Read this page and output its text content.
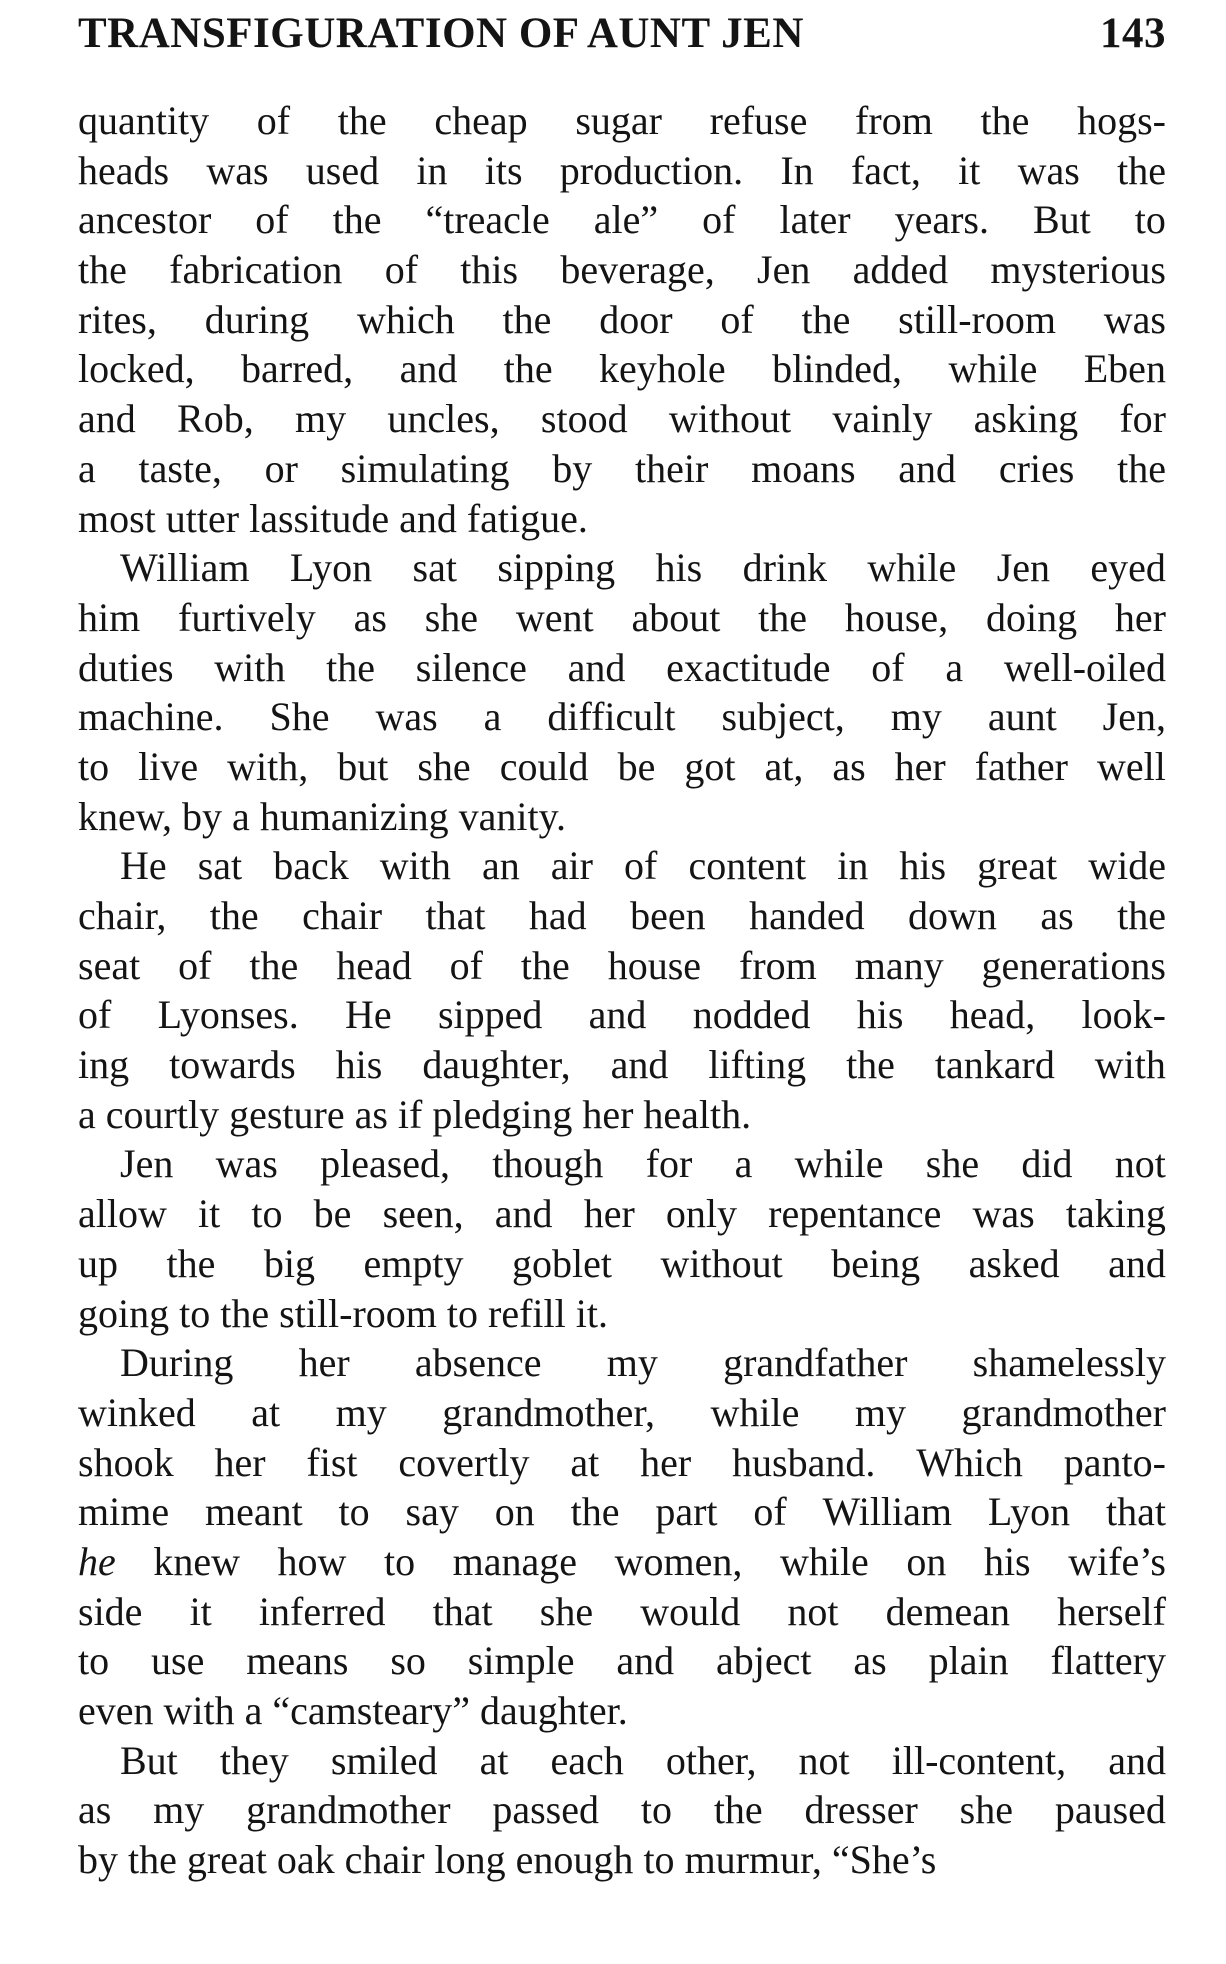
TRANSFIGURATION OF AUNT JEN	143
quantity of the cheap sugar refuse from the hogs-
heads was used in its production. In fact, it was the
ancestor of the “treacle ale” of later years. But to
the fabrication of this beverage, Jen added mysterious
rites, during which the door of the still-room was
locked, barred, and the keyhole blinded, while Eben
and Rob, my uncles, stood without vainly asking for
a taste, or simulating by their moans and cries the
most utter lassitude and fatigue.
William Lyon sat sipping his drink while Jen eyed
him furtively as she went about the house, doing her
duties with the silence and exactitude of a well-oiled
machine. She was a difficult subject, my aunt Jen,
to live with, but she could be got at, as her father well
knew, by a humanizing vanity.
He sat back with an air of content in his great wide
chair, the chair that had been handed down as the
seat of the head of the house from many generations
of Lyonses. He sipped and nodded his head, look-
ing towards his daughter, and lifting the tankard with
a courtly gesture as if pledging her health.
Jen was pleased, though for a while she did not
allow it to be seen, and her only repentance was taking
up the big empty goblet without being asked and
going to the still-room to refill it.
During her absence my grandfather shamelessly
winked at my grandmother, while my grandmother
shook her fist covertly at her husband. Which panto-
mime meant to say on the part of William Lyon that
he knew how to manage women, while on his wife’s
side it inferred that she would not demean herself
to use means so simple and abject as plain flattery
even with a “camsteary” daughter.
But they smiled at each other, not ill-content, and
as my grandmother passed to the dresser she paused
by the great oak chair long enough to murmur, “She’s
